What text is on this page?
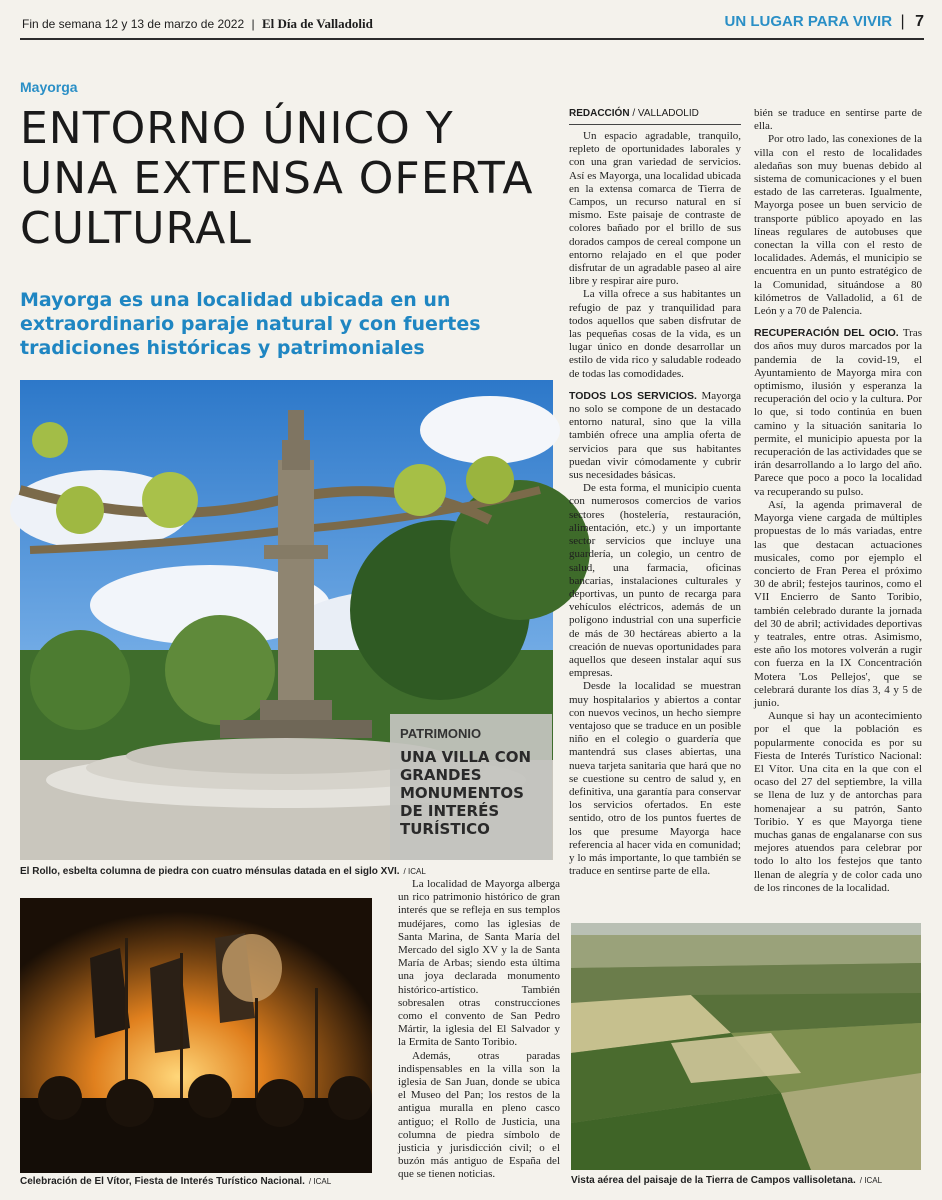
Fin de semana 12 y 13 de marzo de 2022 | El Día de Valladolid	UN LUGAR PARA VIVIR | 7
Mayorga
ENTORNO ÚNICO Y UNA EXTENSA OFERTA CULTURAL
Mayorga es una localidad ubicada en un extraordinario paraje natural y con fuertes tradiciones históricas y patrimoniales
El Rollo, esbelta columna de piedra con cuatro ménsulas datada en el siglo XVI. / ICAL
PATRIMONIO
UNA VILLA CON GRANDES MONUMENTOS DE INTERÉS TURÍSTICO
Celebración de El Vítor, Fiesta de Interés Turístico Nacional. / ICAL	Vista aérea del paisaje de la Tierra de Campos vallisoletana. / ICAL
REDACCIÓN / VALLADOLID

Un espacio agradable, tranquilo, repleto de oportunidades laborales y con una gran variedad de servicios. Así es Mayorga, una localidad ubicada en la extensa comarca de Tierra de Campos, un recurso natural en sí mismo. Este paisaje de contraste de colores bañado por el brillo de sus dorados campos de cereal compone un entorno relajado en el que poder disfrutar de un agradable paseo al aire libre y respirar aire puro.

La villa ofrece a sus habitantes un refugio de paz y tranquilidad para todos aquellos que saben disfrutar de las pequeñas cosas de la vida, es un lugar único en donde desarrollar un estilo de vida rico y saludable rodeado de todas las comodidades.

TODOS LOS SERVICIOS. Mayorga no solo se compone de un destacado entorno natural, sino que la villa también ofrece una amplia oferta de servicios para que sus habitantes puedan vivir cómodamente y cubrir sus necesidades básicas.

De esta forma, el municipio cuenta con numerosos comercios de varios sectores (hostelería, restauración, alimentación, etc.) y un importante sector servicios que incluye una guardería, un colegio, un centro de salud, una farmacia, oficinas bancarias, instalaciones culturales y deportivas, un punto de recarga para vehículos eléctricos, además de un polígono industrial con una superficie de más de 30 hectáreas abierto a la creación de nuevas oportunidades para aquellos que deseen instalar aquí sus empresas.

Desde la localidad se muestran muy hospitalarios y abiertos a contar con nuevos vecinos, un hecho siempre ventajoso que se traduce en un posible niño en el colegio o guardería que mantendrá sus clases abiertas, una nueva tarjeta sanitaria que hará que no se cuestione su centro de salud y, en definitiva, una garantía para conservar los servicios ofertados. En este sentido, otro de los puntos fuertes de los que presume Mayorga hace referencia al hacer vida en comunidad; y lo más importante, lo que también se traduce en sentirse parte de ella.

bién se traduce en sentirse parte de ella.

Por otro lado, las conexiones de la villa con el resto de localidades aledañas son muy buenas debido al sistema de comunicaciones y el buen estado de las carreteras. Igualmente, Mayorga posee un buen servicio de transporte público apoyado en las líneas regulares de autobuses que conectan la villa con el resto de localidades. Además, el municipio se encuentra en un punto estratégico de la Comunidad, situándose a 80 kilómetros de Valladolid, a 61 de León y a 70 de Palencia.

RECUPERACIÓN DEL OCIO. Tras dos años muy duros marcados por la pandemia de la covid-19, el Ayuntamiento de Mayorga mira con optimismo, ilusión y esperanza la recuperación del ocio y la cultura. Por lo que, si todo continúa en buen camino y la situación sanitaria lo permite, el municipio apuesta por la recuperación de las actividades que se irán desarrollando a lo largo del año. Parece que poco a poco la localidad va recuperando su pulso.

Así, la agenda primaveral de Mayorga viene cargada de múltiples propuestas de lo más variadas, entre las que destacan actuaciones musicales, como por ejemplo el concierto de Fran Perea el próximo 30 de abril; festejos taurinos, como el VII Encierro de Santo Toribio, también celebrado durante la jornada del 30 de abril; actividades deportivas y teatrales, entre otras. Asimismo, este año los motores volverán a rugir con fuerza en la IX Concentración Motera 'Los Pellejos', que se celebrará durante los días 3, 4 y 5 de junio.

Aunque si hay un acontecimiento por el que la población es popularmente conocida es por su Fiesta de Interés Turístico Nacional: El Vítor. Una cita en la que con el ocaso del 27 del septiembre, la villa se llena de luz y de antorchas para homenajear a su patrón, Santo Toribio. Y es que Mayorga tiene muchas ganas de engalanarse con sus mejores atuendos para celebrar por todo lo alto los festejos que tanto llenan de alegría y de color cada uno de los rincones de la localidad.

La localidad de Mayorga alberga un rico patrimonio histórico de gran interés que se refleja en sus templos mudéjares, como las iglesias de Santa Marina, de Santa María del Mercado del siglo XV y la de Santa María de Arbas; siendo esta última una joya declarada monumento histórico-artístico. También sobresalen otras construcciones como el convento de San Pedro Mártir, la iglesia del El Salvador y la Ermita de Santo Toribio.

Además, otras paradas indispensables en la villa son la iglesia de San Juan, donde se ubica el Museo del Pan; los restos de la antigua muralla en pleno casco antiguo; el Rollo de Justicia, una columna de piedra símbolo de justicia y jurisdicción civil; o el buzón más antiguo de España del que se tienen noticias.
